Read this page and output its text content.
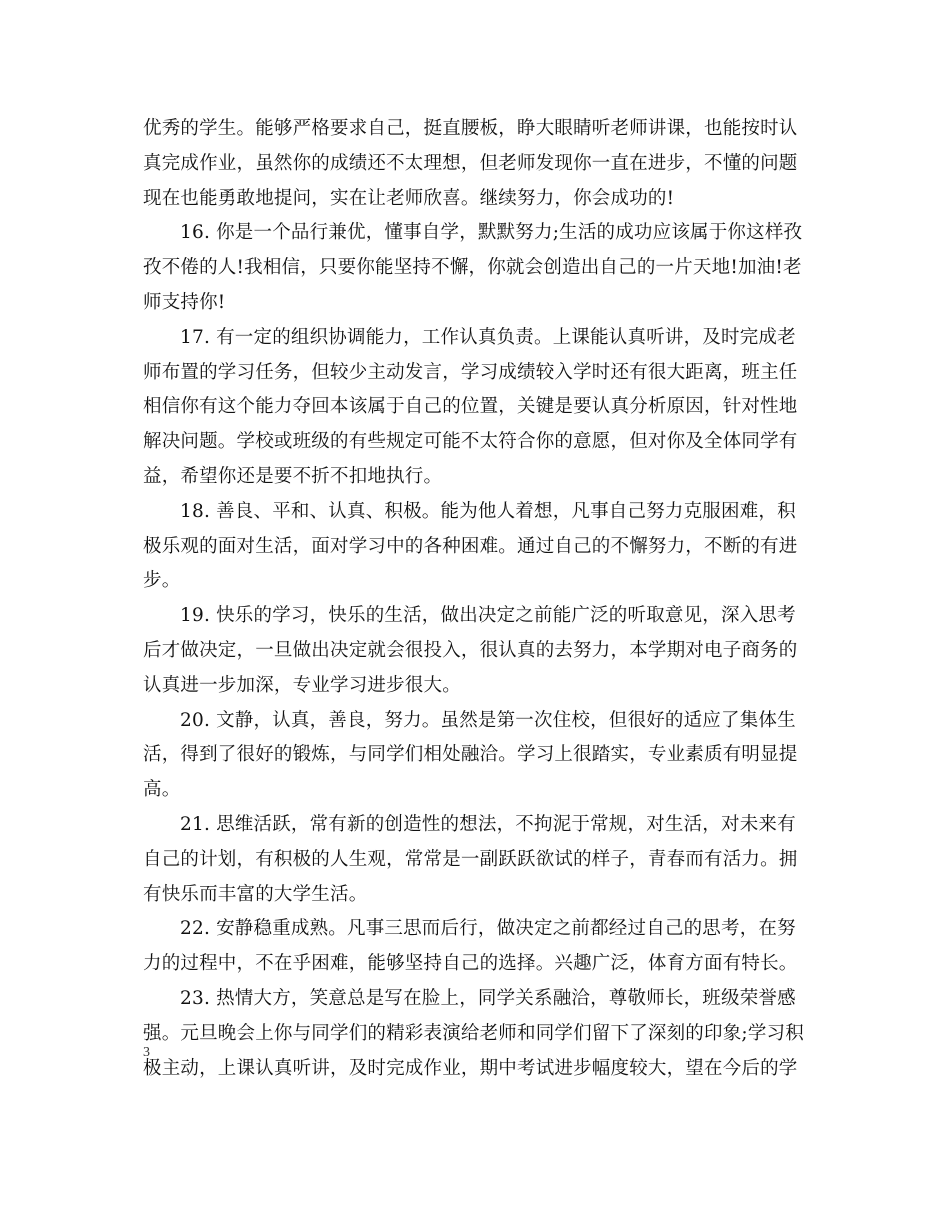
优秀的学生。能够严格要求自己，挺直腰板，睁大眼睛听老师讲课，也能按时认
真完成作业，虽然你的成绩还不太理想，但老师发现你一直在进步，不懂的问题
现在也能勇敢地提问，实在让老师欣喜。继续努力，你会成功的!
16. 你是一个品行兼优，懂事自学，默默努力;生活的成功应该属于你这样孜
孜不倦的人!我相信，只要你能坚持不懈，你就会创造出自己的一片天地!加油!老
师支持你!
17. 有一定的组织协调能力，工作认真负责。上课能认真听讲，及时完成老
师布置的学习任务，但较少主动发言，学习成绩较入学时还有很大距离，班主任
相信你有这个能力夺回本该属于自己的位置，关键是要认真分析原因，针对性地
解决问题。学校或班级的有些规定可能不太符合你的意愿，但对你及全体同学有
益，希望你还是要不折不扣地执行。
18. 善良、平和、认真、积极。能为他人着想，凡事自己努力克服困难，积
极乐观的面对生活，面对学习中的各种困难。通过自己的不懈努力，不断的有进
步。
19. 快乐的学习，快乐的生活，做出决定之前能广泛的听取意见，深入思考
后才做决定，一旦做出决定就会很投入，很认真的去努力，本学期对电子商务的
认真进一步加深，专业学习进步很大。
20. 文静，认真，善良，努力。虽然是第一次住校，但很好的适应了集体生
活，得到了很好的锻炼，与同学们相处融洽。学习上很踏实，专业素质有明显提
高。
21. 思维活跃，常有新的创造性的想法，不拘泥于常规，对生活，对未来有
自己的计划，有积极的人生观，常常是一副跃跃欲试的样子，青春而有活力。拥
有快乐而丰富的大学生活。
22. 安静稳重成熟。凡事三思而后行，做决定之前都经过自己的思考，在努
力的过程中，不在乎困难，能够坚持自己的选择。兴趣广泛，体育方面有特长。
23. 热情大方，笑意总是写在脸上，同学关系融洽，尊敬师长，班级荣誉感
强。元旦晚会上你与同学们的精彩表演给老师和同学们留下了深刻的印象;学习积
极主动，上课认真听讲，及时完成作业，期中考试进步幅度较大，望在今后的学
3
